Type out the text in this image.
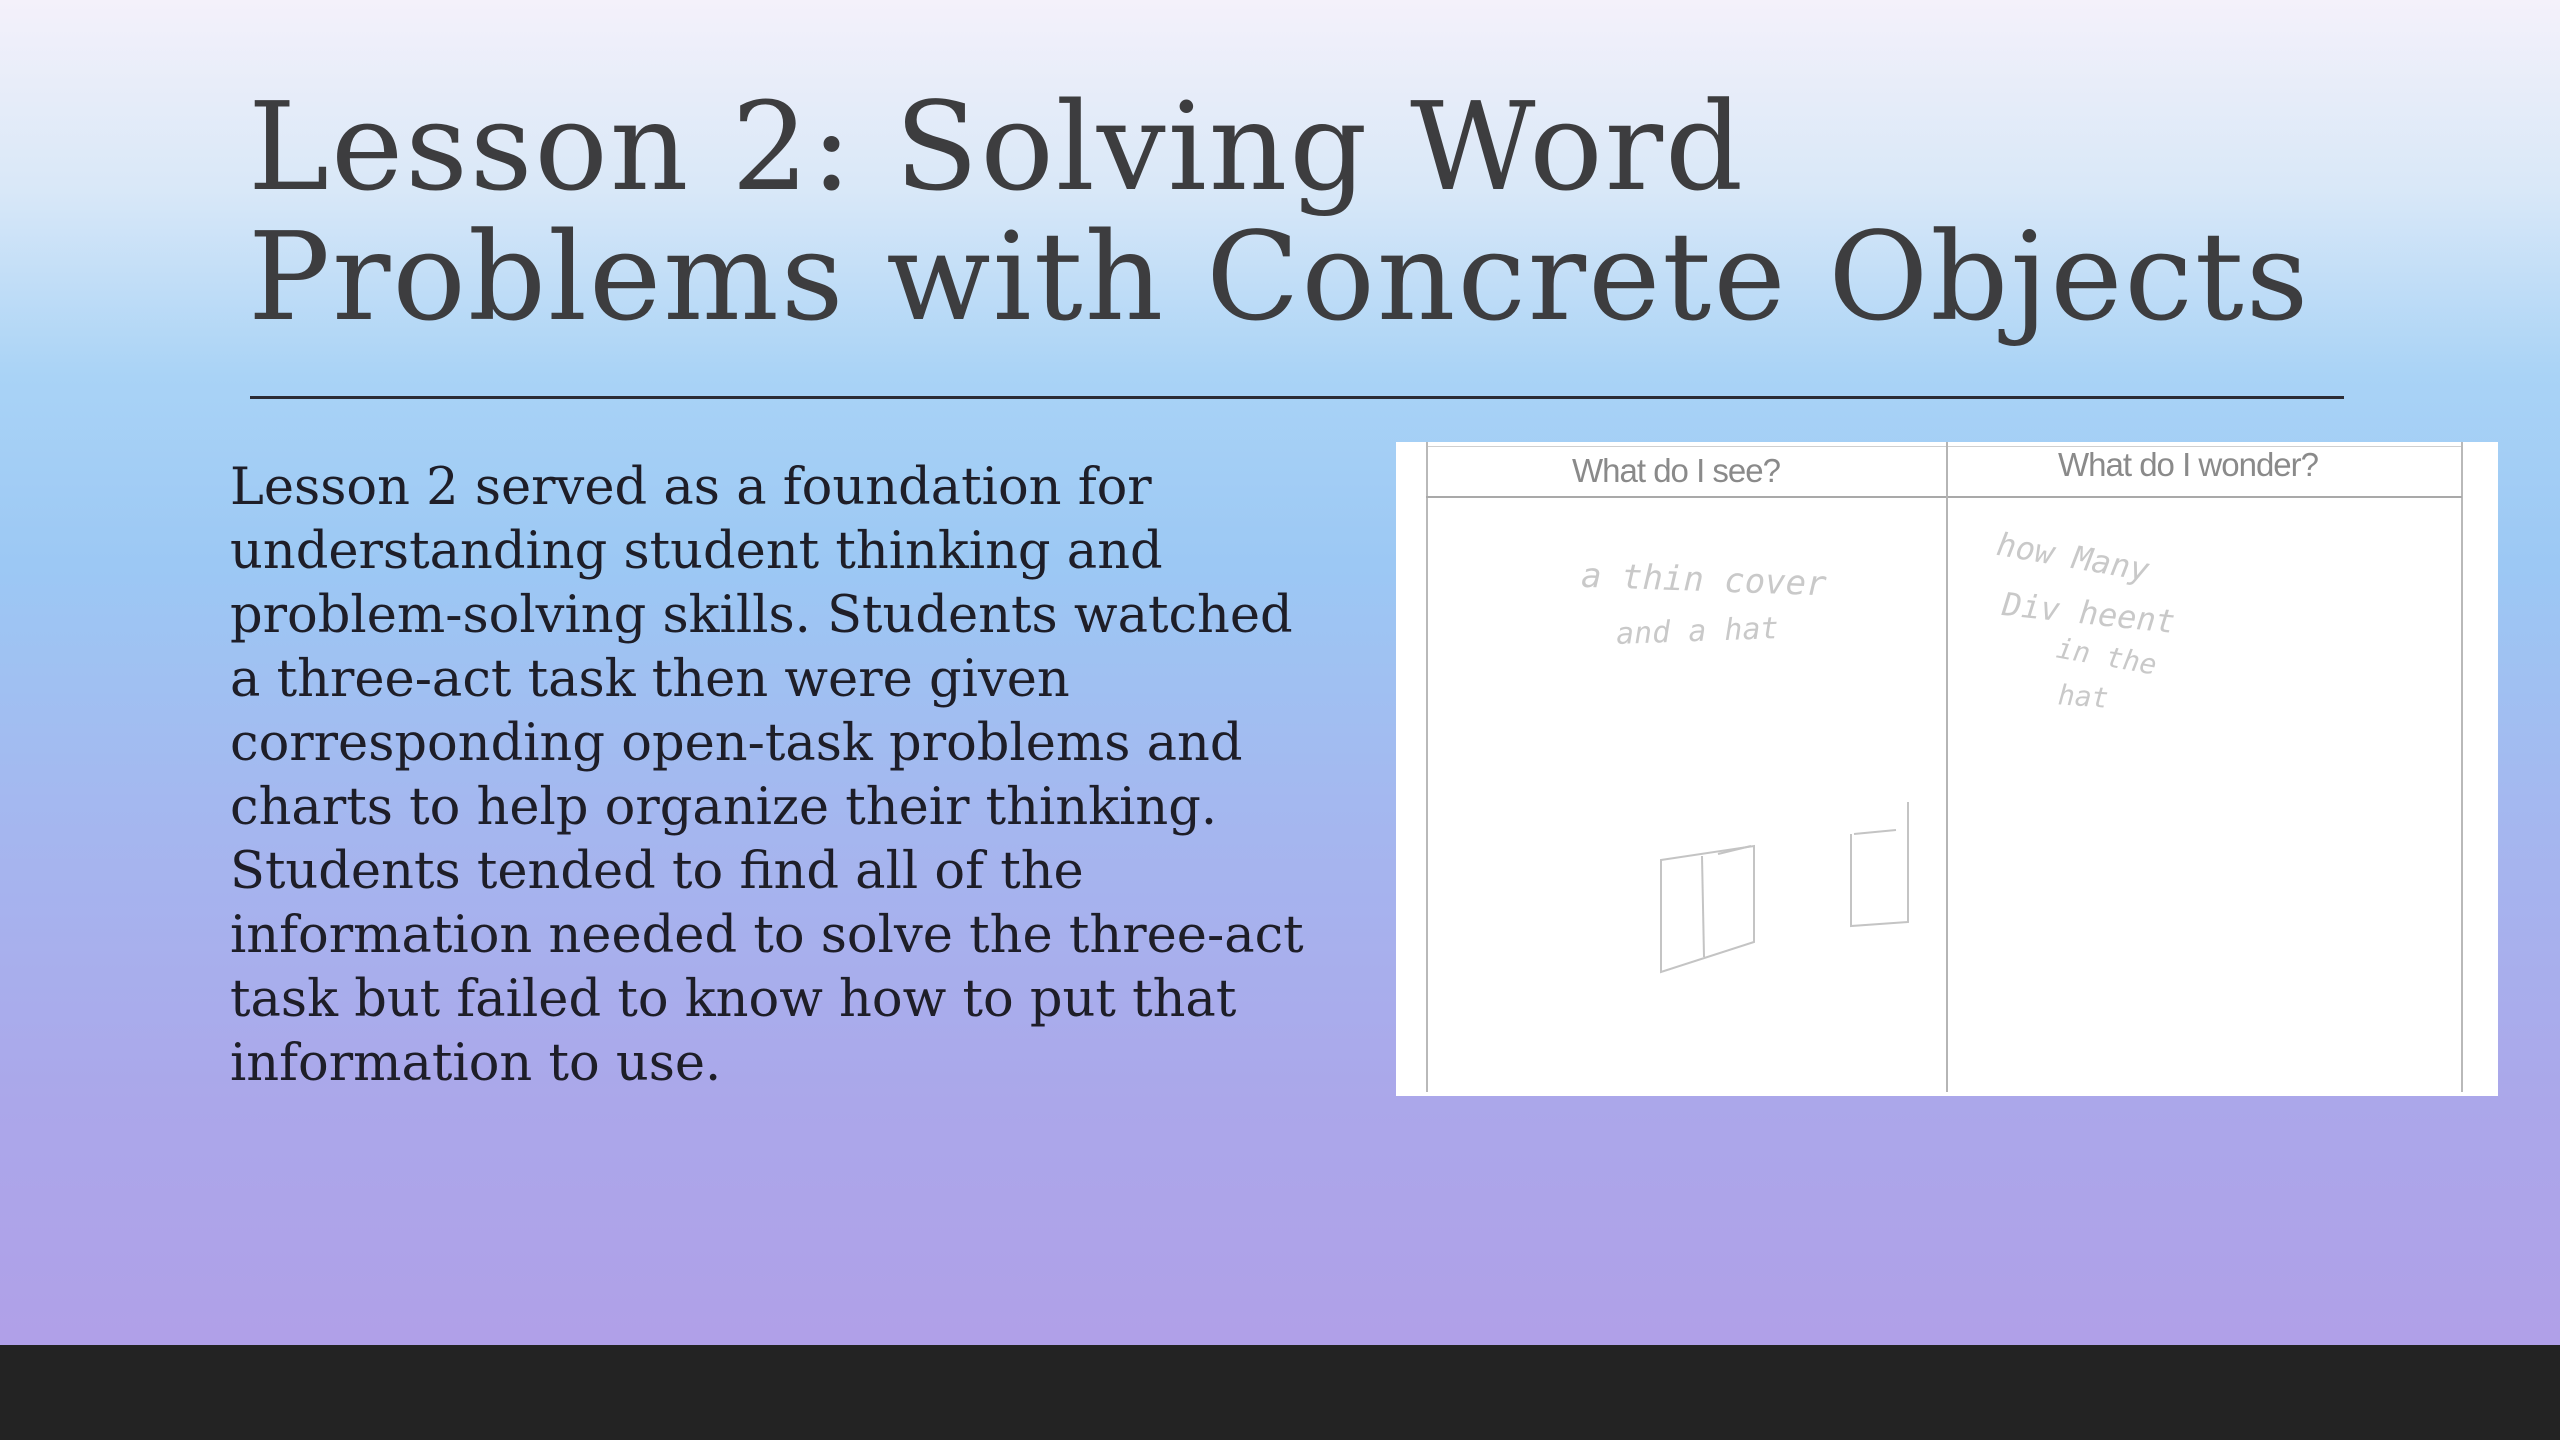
Lesson 2: Solving Word
Problems with Concrete Objects

Lesson 2 served as a foundation for
understanding student thinking and
problem-solving skills. Students watched
a three-act task then were given
corresponding open-task problems and
charts to help organize their thinking.
Students tended to find all of the
information needed to solve the three-act
task but failed to know how to put that
information to use.

What do I see?	What do I wonder?
a thin cover
and a hat
how Many
Div heent
in the
hat
